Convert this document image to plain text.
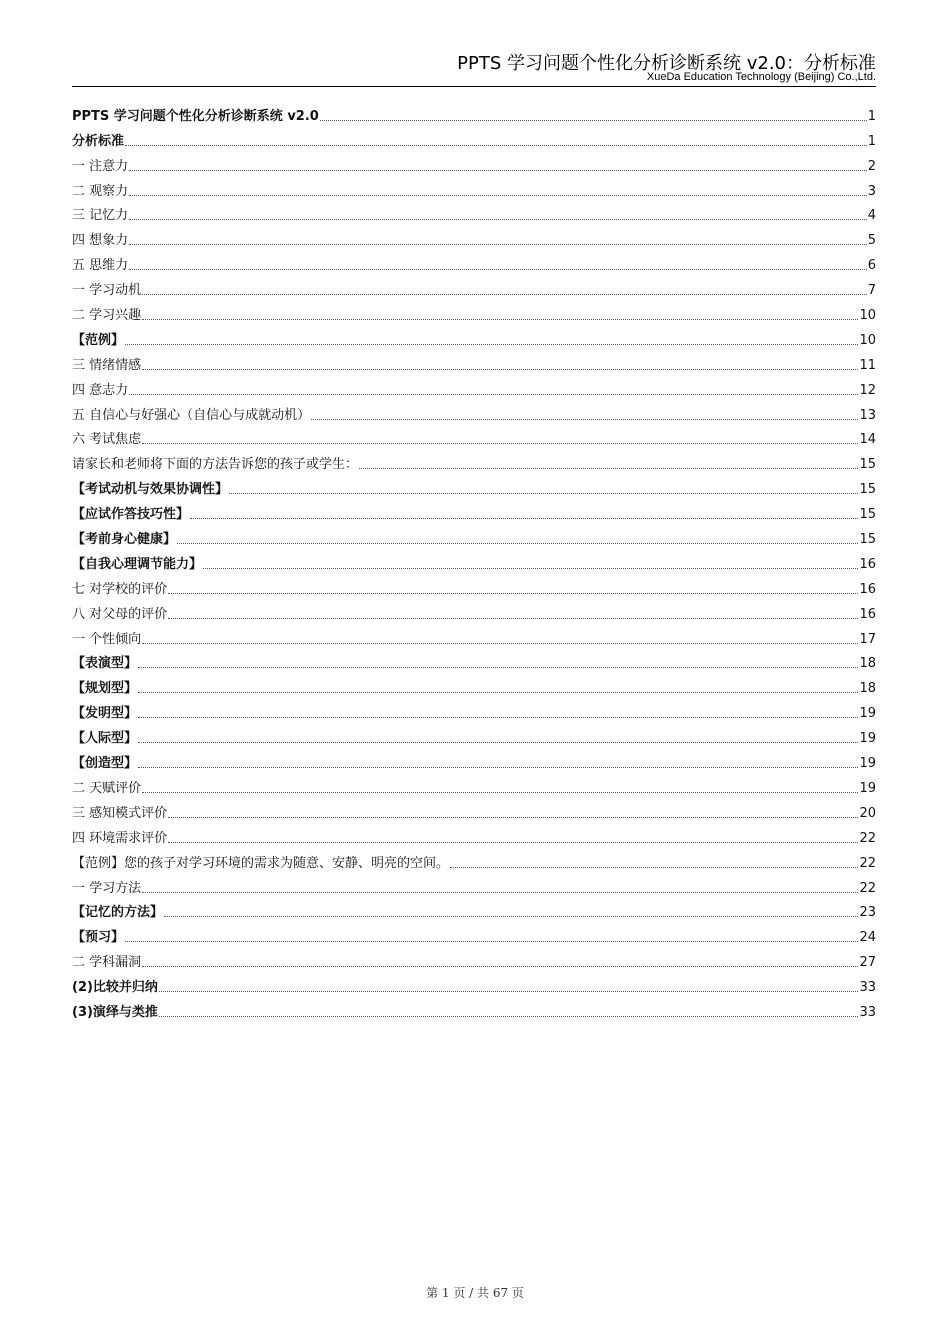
PPTS 学习问题个性化分析诊断系统 v2.0：分析标准
XueDa Education Technology (Beijing) Co.,Ltd.
PPTS 学习问题个性化分析诊断系统 v2.0	1
分析标准	1
一 注意力	2
二 观察力	3
三 记忆力	4
四 想象力	5
五 思维力	6
一 学习动机	7
二 学习兴趣	10
【范例】	10
三 情绪情感	11
四 意志力	12
五 自信心与好强心（自信心与成就动机）	13
六 考试焦虑	14
请家长和老师将下面的方法告诉您的孩子或学生：	15
【考试动机与效果协调性】	15
【应试作答技巧性】	15
【考前身心健康】	15
【自我心理调节能力】	16
七 对学校的评价	16
八 对父母的评价	16
一 个性倾向	17
【表演型】	18
【规划型】	18
【发明型】	19
【人际型】	19
【创造型】	19
二 天赋评价	19
三 感知模式评价	20
四 环境需求评价	22
【范例】您的孩子对学习环境的需求为随意、安静、明亮的空间。	22
一 学习方法	22
【记忆的方法】	23
【预习】	24
二 学科漏洞	27
(2)比较并归纳	33
(3)演绎与类推	33
第 1 页 / 共 67 页
